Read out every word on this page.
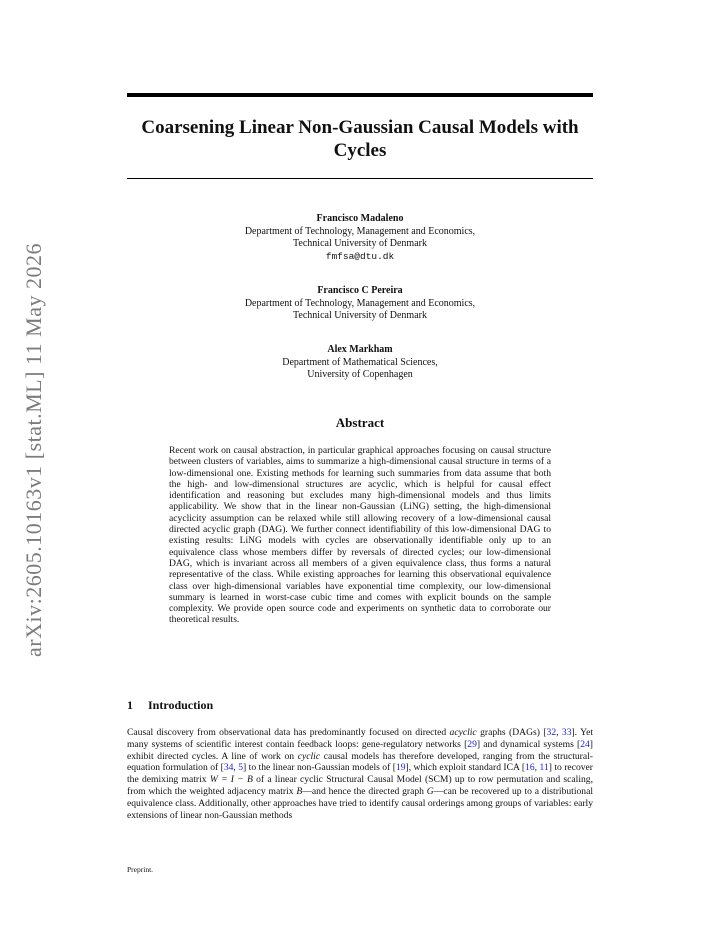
arXiv:2605.10163v1 [stat.ML] 11 May 2026
Coarsening Linear Non-Gaussian Causal Models with Cycles
Francisco Madaleno
Department of Technology, Management and Economics,
Technical University of Denmark
fmfsa@dtu.dk
Francisco C Pereira
Department of Technology, Management and Economics,
Technical University of Denmark
Alex Markham
Department of Mathematical Sciences,
University of Copenhagen
Abstract

Recent work on causal abstraction, in particular graphical approaches focusing on causal structure between clusters of variables, aims to summarize a high-dimensional causal structure in terms of a low-dimensional one. Existing methods for learning such summaries from data assume that both the high- and low-dimensional structures are acyclic, which is helpful for causal effect identification and reasoning but excludes many high-dimensional models and thus limits applicability. We show that in the linear non-Gaussian (LiNG) setting, the high-dimensional acyclicity assumption can be relaxed while still allowing recovery of a low-dimensional causal directed acyclic graph (DAG). We further connect identifiability of this low-dimensional DAG to existing results: LiNG models with cycles are observationally identifiable only up to an equivalence class whose members differ by reversals of directed cycles; our low-dimensional DAG, which is invariant across all members of a given equivalence class, thus forms a natural representative of the class. While existing approaches for learning this observational equivalence class over high-dimensional variables have exponential time complexity, our low-dimensional summary is learned in worst-case cubic time and comes with explicit bounds on the sample complexity. We provide open source code and experiments on synthetic data to corroborate our theoretical results.

1 Introduction

Causal discovery from observational data has predominantly focused on directed acyclic graphs (DAGs) [32, 33]. Yet many systems of scientific interest contain feedback loops: gene-regulatory networks [29] and dynamical systems [24] exhibit directed cycles. A line of work on cyclic causal models has therefore developed, ranging from the structural-equation formulation of [34, 5] to the linear non-Gaussian models of [19], which exploit standard ICA [16, 11] to recover the demixing matrix W = I − B of a linear cyclic Structural Causal Model (SCM) up to row permutation and scaling, from which the weighted adjacency matrix B—and hence the directed graph G—can be recovered up to a distributional equivalence class. Additionally, other approaches have tried to identify causal orderings among groups of variables: early extensions of linear non-Gaussian methods

Preprint.
